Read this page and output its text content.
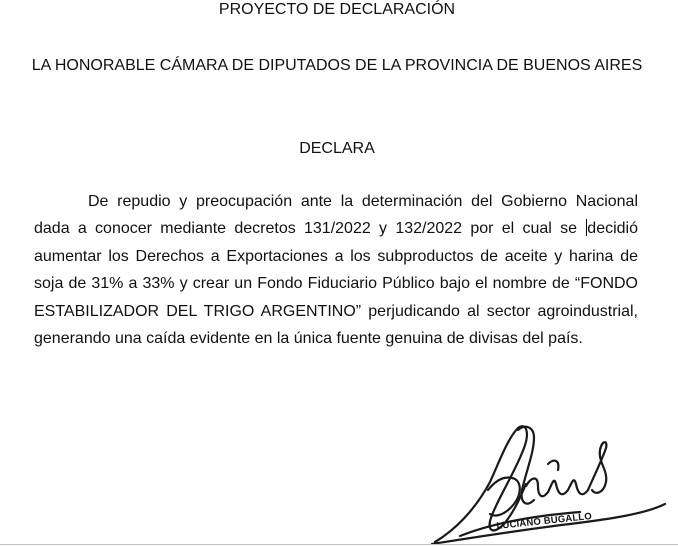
PROYECTO DE DECLARACIÓN

LA HONORABLE CÁMARA DE DIPUTADOS DE LA PROVINCIA DE BUENOS AIRES

DECLARA

De repudio y preocupación ante la determinación del Gobierno Nacional dada a conocer mediante decretos 131/2022 y 132/2022 por el cual se decidió aumentar los Derechos a Exportaciones a los subproductos de aceite y harina de soja de 31% a 33% y crear un Fondo Fiduciario Público bajo el nombre de “FONDO ESTABILIZADOR DEL TRIGO ARGENTINO” perjudicando al sector agroindustrial, generando una caída evidente en la única fuente genuina de divisas del país.

LUCIANO BUGALLO
